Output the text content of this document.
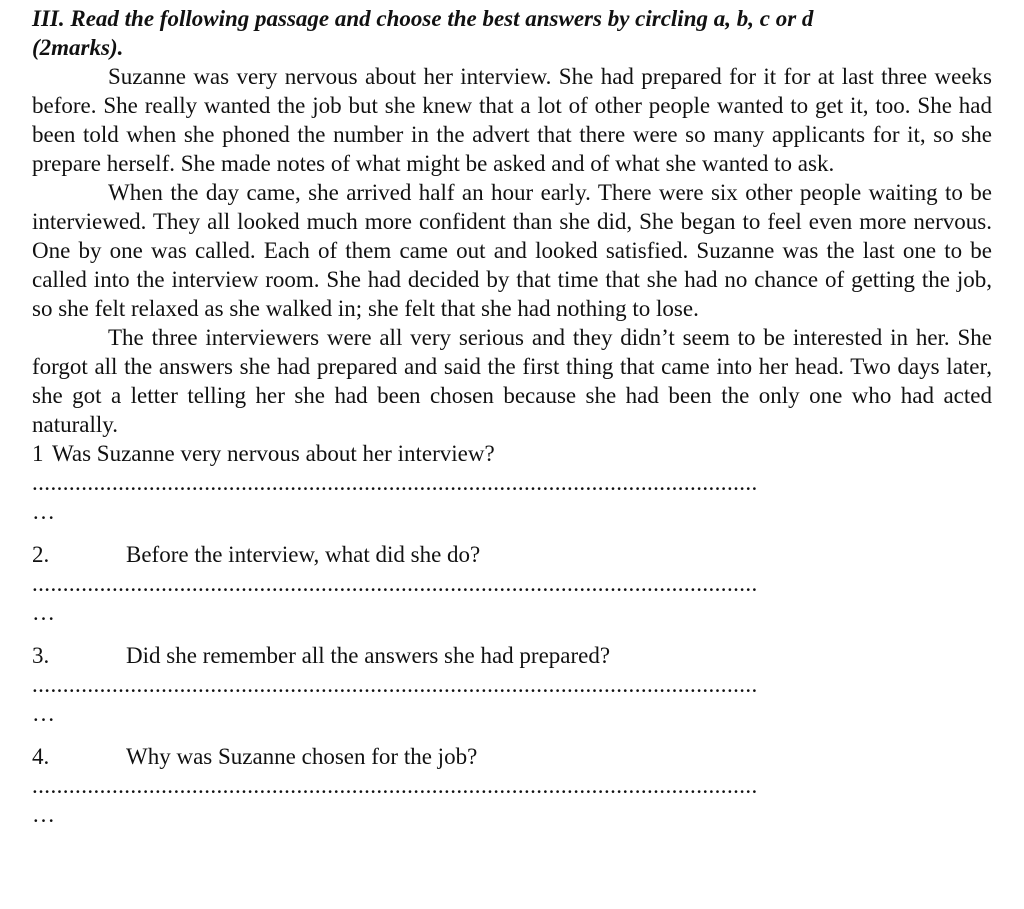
III. Read the following passage and choose the best answers by circling a, b, c or d

(2marks).

Suzanne was very nervous about her interview. She had prepared for it for at last three weeks before. She really wanted the job but she knew that a lot of other people wanted to get it, too. She had been told when she phoned the number in the advert that there were so many applicants for it, so she prepare herself. She made notes of what might be asked and of what she wanted to ask.

When the day came, she arrived half an hour early. There were six other people waiting to be interviewed. They all looked much more confident than she did, She began to feel even more nervous. One by one was called. Each of them came out and looked satisfied. Suzanne was the last one to be called into the interview room. She had decided by that time that she had no chance of getting the job, so she felt relaxed as she walked in; she felt that she had nothing to lose.

The three interviewers were all very serious and they didn’t seem to be interested in her. She forgot all the answers she had prepared and said the first thing that came into her head. Two days later, she got a letter telling her she had been chosen because she had been the only one who had acted naturally.

1 Was Suzanne very nervous about her interview?
......................................................................................................................
…
2.	Before the interview, what did she do?
......................................................................................................................
…
3.	Did she remember all the answers she had prepared?
......................................................................................................................
…
4.	Why was Suzanne chosen for the job?
......................................................................................................................
…
